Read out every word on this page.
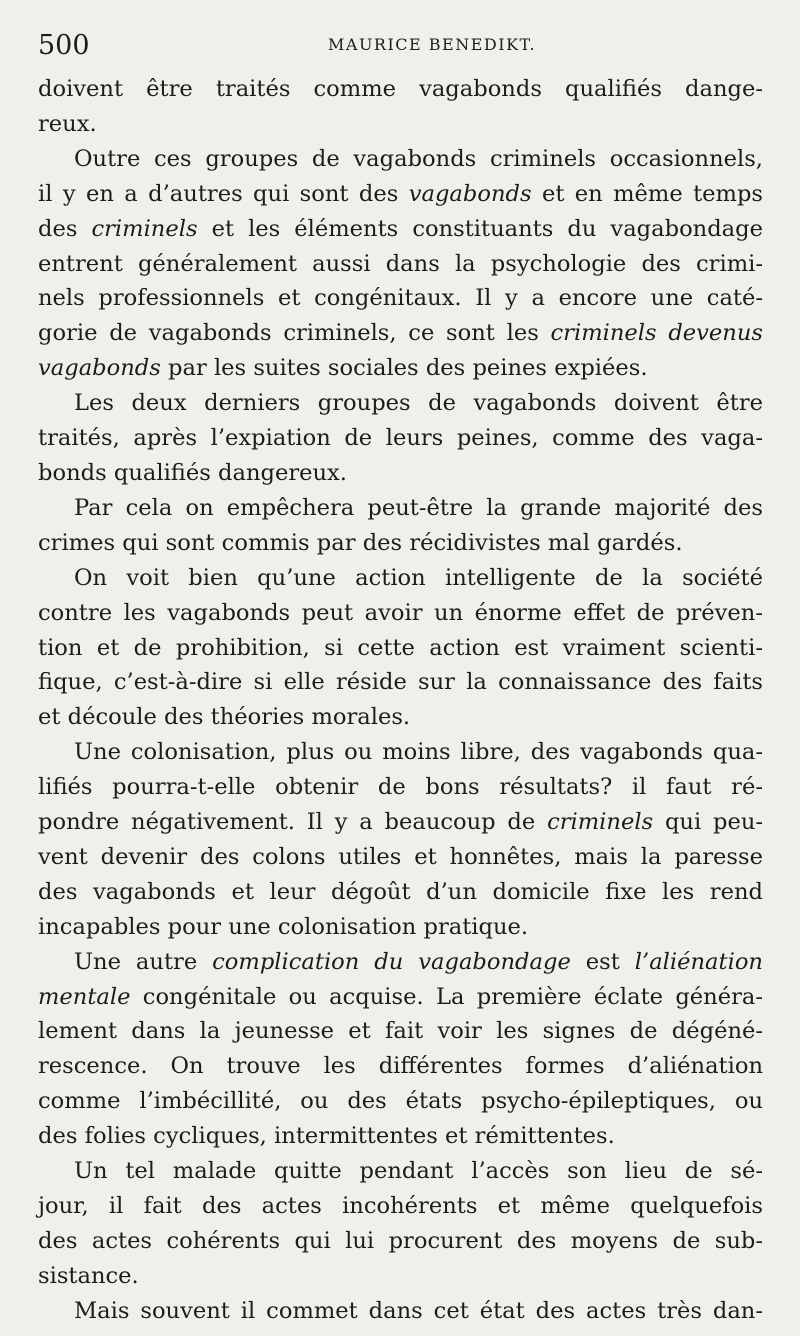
500	MAURICE BENEDIKT.
doivent être traités comme vagabonds qualifiés dange-
reux.
Outre ces groupes de vagabonds criminels occasionnels,
il y en a d’autres qui sont des vagabonds et en même temps
des criminels et les éléments constituants du vagabondage
entrent généralement aussi dans la psychologie des crimi-
nels professionnels et congénitaux. Il y a encore une caté-
gorie de vagabonds criminels, ce sont les criminels devenus
vagabonds par les suites sociales des peines expiées.
Les deux derniers groupes de vagabonds doivent être
traités, après l’expiation de leurs peines, comme des vaga-
bonds qualifiés dangereux.
Par cela on empêchera peut-être la grande majorité des
crimes qui sont commis par des récidivistes mal gardés.
On voit bien qu’une action intelligente de la société
contre les vagabonds peut avoir un énorme effet de préven-
tion et de prohibition, si cette action est vraiment scienti-
fique, c’est-à-dire si elle réside sur la connaissance des faits
et découle des théories morales.
Une colonisation, plus ou moins libre, des vagabonds qua-
lifiés pourra-t-elle obtenir de bons résultats? il faut ré-
pondre négativement. Il y a beaucoup de criminels qui peu-
vent devenir des colons utiles et honnêtes, mais la paresse
des vagabonds et leur dégoût d’un domicile fixe les rend
incapables pour une colonisation pratique.
Une autre complication du vagabondage est l’aliénation
mentale congénitale ou acquise. La première éclate généra-
lement dans la jeunesse et fait voir les signes de dégéné-
rescence. On trouve les différentes formes d’aliénation
comme l’imbécillité, ou des états psycho-épileptiques, ou
des folies cycliques, intermittentes et rémittentes.
Un tel malade quitte pendant l’accès son lieu de sé-
jour, il fait des actes incohérents et même quelquefois
des actes cohérents qui lui procurent des moyens de sub-
sistance.
Mais souvent il commet dans cet état des actes très dan-
